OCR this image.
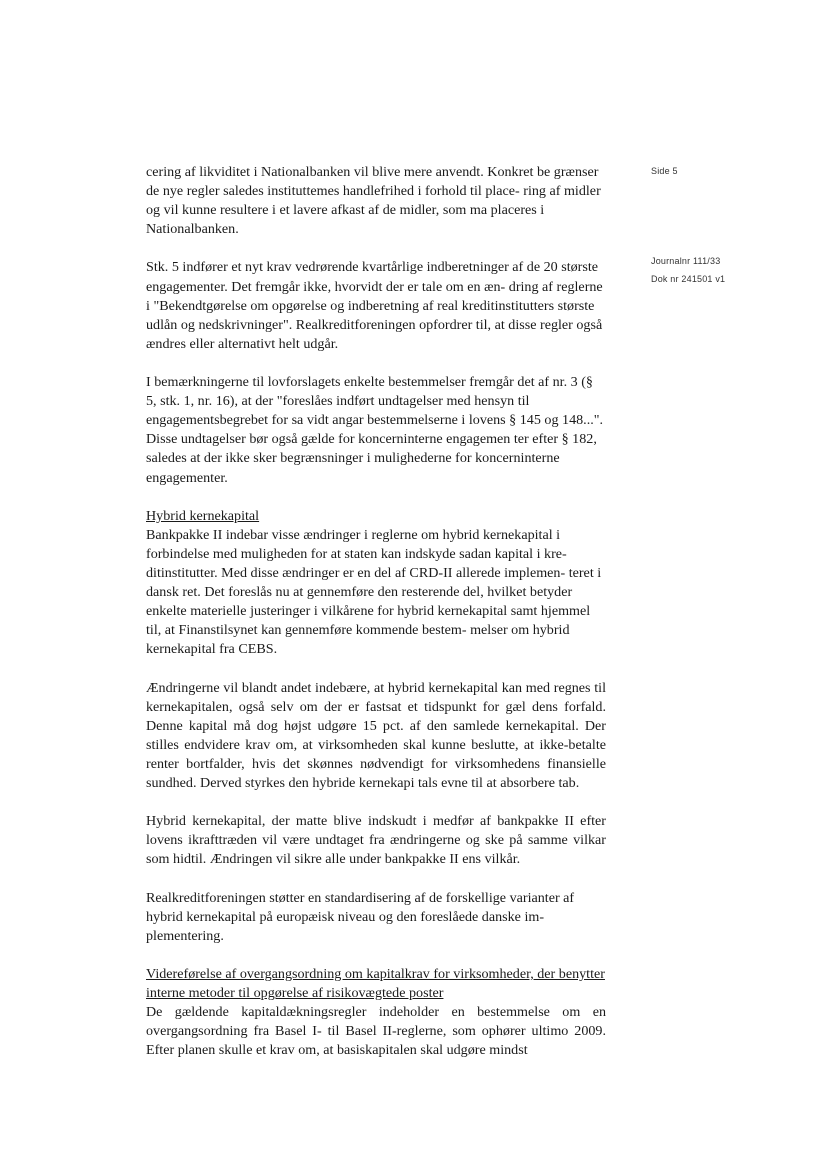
Side 5
Journalnr 111/33
Dok nr 241501 v1

cering af likviditet i Nationalbanken vil blive mere anvendt. Konkret be grænser de nye regler saledes instituttemes handlefrihed i forhold til place- ring af midler og vil kunne resultere i et lavere afkast af de midler, som ma placeres i Nationalbanken.

Stk. 5 indfører et nyt krav vedrørende kvartårlige indberetninger af de 20 største engagementer. Det fremgår ikke, hvorvidt der er tale om en æn- dring af reglerne i "Bekendtgørelse om opgørelse og indberetning af real kreditinstitutters største udlån og nedskrivninger". Realkreditforeningen opfordrer til, at disse regler også ændres eller alternativt helt udgår.

I bemærkningerne til lovforslagets enkelte bestemmelser fremgår det af nr. 3 (§ 5, stk. 1, nr. 16), at der "foreslåes indført undtagelser med hensyn til engagementsbegrebet for sa vidt angar bestemmelserne i lovens § 145 og 148...". Disse undtagelser bør også gælde for koncerninterne engagemen ter efter § 182, saledes at der ikke sker begrænsninger i mulighederne for koncerninterne engagementer.

Hybrid kernekapital

Bankpakke II indebar visse ændringer i reglerne om hybrid kernekapital i forbindelse med muligheden for at staten kan indskyde sadan kapital i kre- ditinstitutter. Med disse ændringer er en del af CRD-II allerede implemen- teret i dansk ret. Det foreslås nu at gennemføre den resterende del, hvilket betyder enkelte materielle justeringer i vilkårene for hybrid kernekapital samt hjemmel til, at Finanstilsynet kan gennemføre kommende bestem- melser om hybrid kernekapital fra CEBS.

Ændringerne vil blandt andet indebære, at hybrid kernekapital kan med regnes til kernekapitalen, også selv om der er fastsat et tidspunkt for gæl dens forfald. Denne kapital må dog højst udgøre 15 pct. af den samlede kernekapital. Der stilles endvidere krav om, at virksomheden skal kunne beslutte, at ikke-betalte renter bortfalder, hvis det skønnes nødvendigt for virksomhedens finansielle sundhed. Derved styrkes den hybride kernekapi tals evne til at absorbere tab.

Hybrid kernekapital, der matte blive indskudt i medfør af bankpakke II efter lovens ikrafttræden vil være undtaget fra ændringerne og ske på samme vilkar som hidtil. Ændringen vil sikre alle under bankpakke II ens vilkår.

Realkreditforeningen støtter en standardisering af de forskellige varianter af hybrid kernekapital på europæisk niveau og den foreslåede danske im- plementering.

Videreførelse af overgangsordning om kapitalkrav for virksomheder, der benytter interne metoder til opgørelse af risikovægtede poster

De gældende kapitaldækningsregler indeholder en bestemmelse om en overgangsordning fra Basel I- til Basel II-reglerne, som ophører ultimo 2009. Efter planen skulle et krav om, at basiskapitalen skal udgøre mindst
